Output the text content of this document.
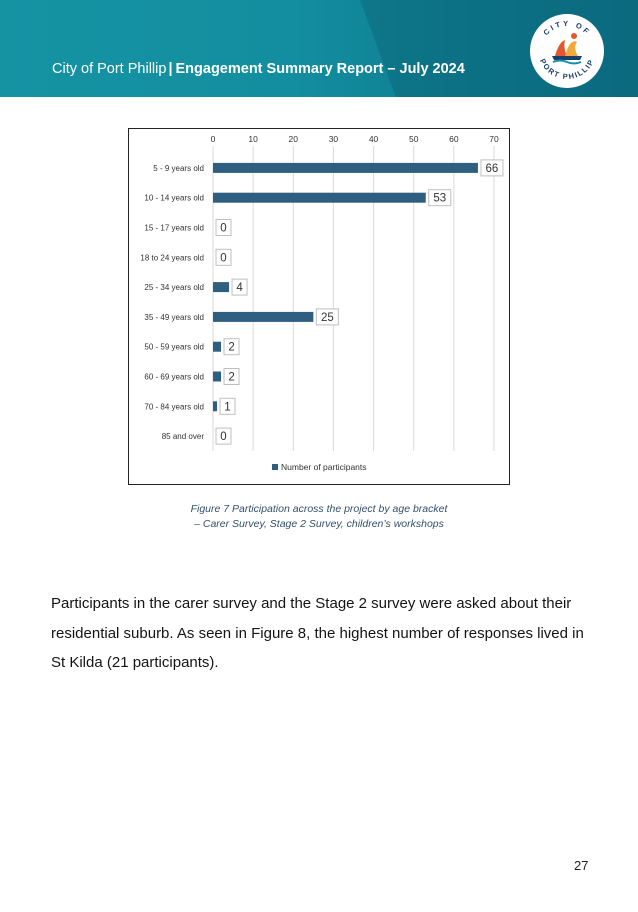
City of Port Phillip | Engagement Summary Report – July 2024
CITY OF
PORT PHILLIP
0	10	20	30	40	50	60	70
5 - 9 years old	66
10 - 14 years old	53
15 - 17 years old 0
18 to 24 years old 0
25 - 34 years old	4
35 - 49 years old	25
50 - 59 years old 2
60 - 69 years old 2
70 - 84 years old 1
85 and over 0
Number of participants
Figure 7 Participation across the project by age bracket
– Carer Survey, Stage 2 Survey, children’s workshops

Participants in the carer survey and the Stage 2 survey were asked about their

residential suburb. As seen in Figure 8, the highest number of responses lived in

St Kilda (21 participants).

27
